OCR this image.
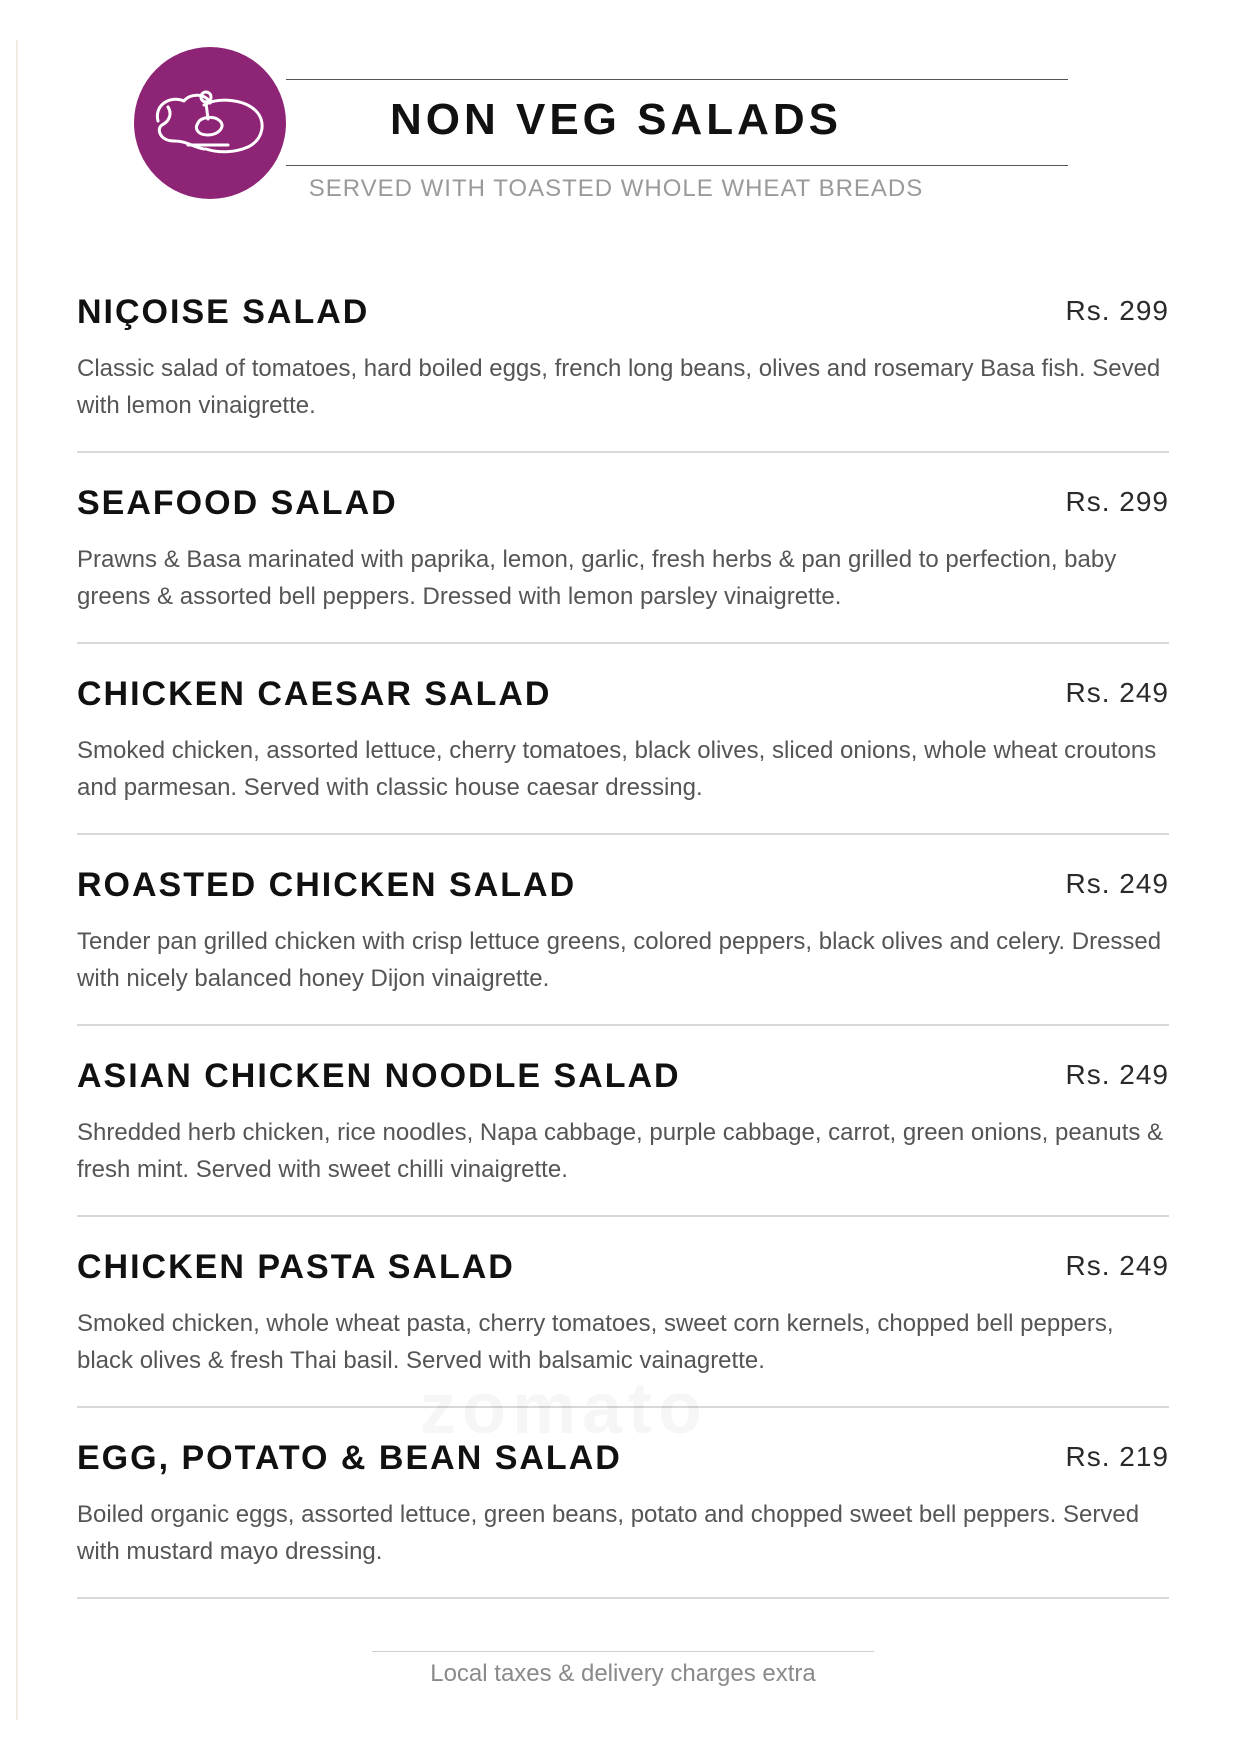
NON VEG SALADS
SERVED WITH TOASTED WHOLE WHEAT BREADS
NIÇOISE SALAD	Rs. 299
Classic salad of tomatoes, hard boiled eggs, french long beans, olives and rosemary Basa fish. Seved with lemon vinaigrette.
SEAFOOD SALAD	Rs. 299
Prawns & Basa marinated with paprika, lemon, garlic, fresh herbs & pan grilled to perfection, baby greens & assorted bell peppers. Dressed with lemon parsley vinaigrette.
CHICKEN CAESAR SALAD	Rs. 249
Smoked chicken, assorted lettuce, cherry tomatoes, black olives, sliced onions, whole wheat croutons and parmesan. Served with classic house caesar dressing.
ROASTED CHICKEN SALAD	Rs. 249
Tender pan grilled chicken with crisp lettuce greens, colored peppers, black olives and celery. Dressed with nicely balanced honey Dijon vinaigrette.
ASIAN CHICKEN NOODLE SALAD	Rs. 249
Shredded herb chicken, rice noodles, Napa cabbage, purple cabbage, carrot, green onions, peanuts & fresh mint. Served with sweet chilli vinaigrette.
CHICKEN PASTA SALAD	Rs. 249
Smoked chicken, whole wheat pasta, cherry tomatoes, sweet corn kernels, chopped bell peppers, black olives & fresh Thai basil. Served with balsamic vainagrette.
EGG, POTATO & BEAN SALAD	Rs. 219
Boiled organic eggs, assorted lettuce, green beans, potato and chopped sweet bell peppers. Served with mustard mayo dressing.
Local taxes & delivery charges extra
